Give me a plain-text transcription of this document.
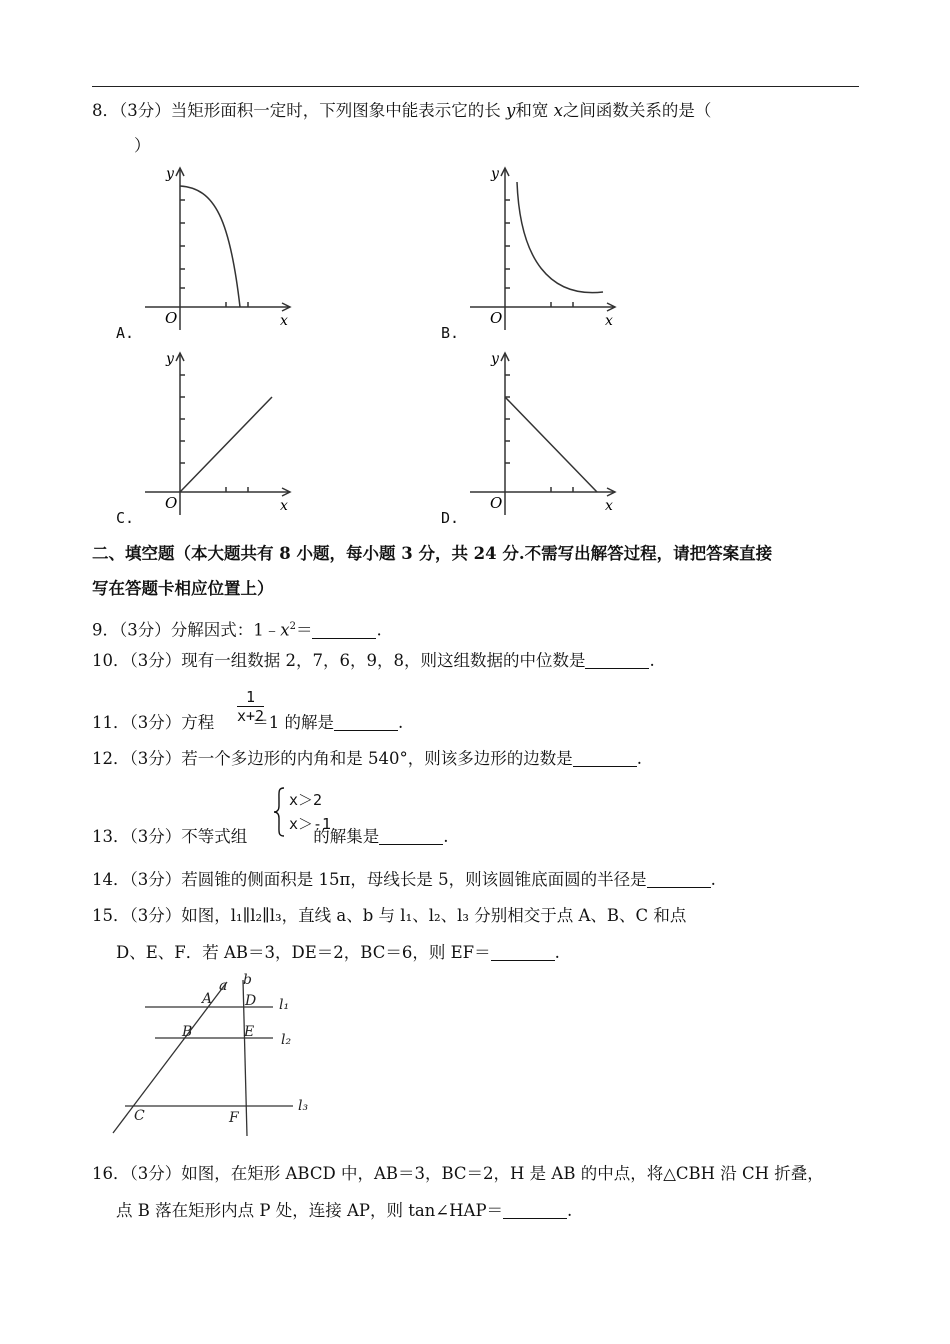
8．（3分）当矩形面积一定时，下列图象中能表示它的长 y和宽 x之间函数关系的是（
）
y
O	x
A.
y
O	x
B.
y
O	x
C.
y
O	x
D.
二、填空题（本大题共有 8 小题，每小题 3 分，共 24 分.不需写出解答过程，请把答案直接
写在答题卡相应位置上）
9．（3分）分解因式：$1﹣x^2=$	.
10．（3分）现有一组数据 2，7，6，9，8，则这组数据的中位数是	.
11．（3分）方程 ＝1 的解是	.
$\frac{1}{x+2}$
12．（3分）若一个多边形的内角和是 540°，则该多边形的边数是	.
x＞2
x＞-1
13．（3分）不等式组	的解集是	.
14．（3分）若圆锥的侧面积是 15π，母线长是 5，则该圆锥底面圆的半径是	.
15．（3分）如图，l₁∥l₂∥l₃，直线 a、b 与 l₁、l₂、l₃ 分别相交于点 A、B、C 和点
D、E、F．若 AB＝3，DE＝2，BC＝6，则 EF＝	.
a b
A D l₁
B	E l₂
C	F
l₃
16．（3分）如图，在矩形 ABCD 中，AB＝3，BC＝2，H 是 AB 的中点，将△CBH 沿 CH 折叠，
点 B 落在矩形内点 P 处，连接 AP，则 tan∠HAP＝	.
